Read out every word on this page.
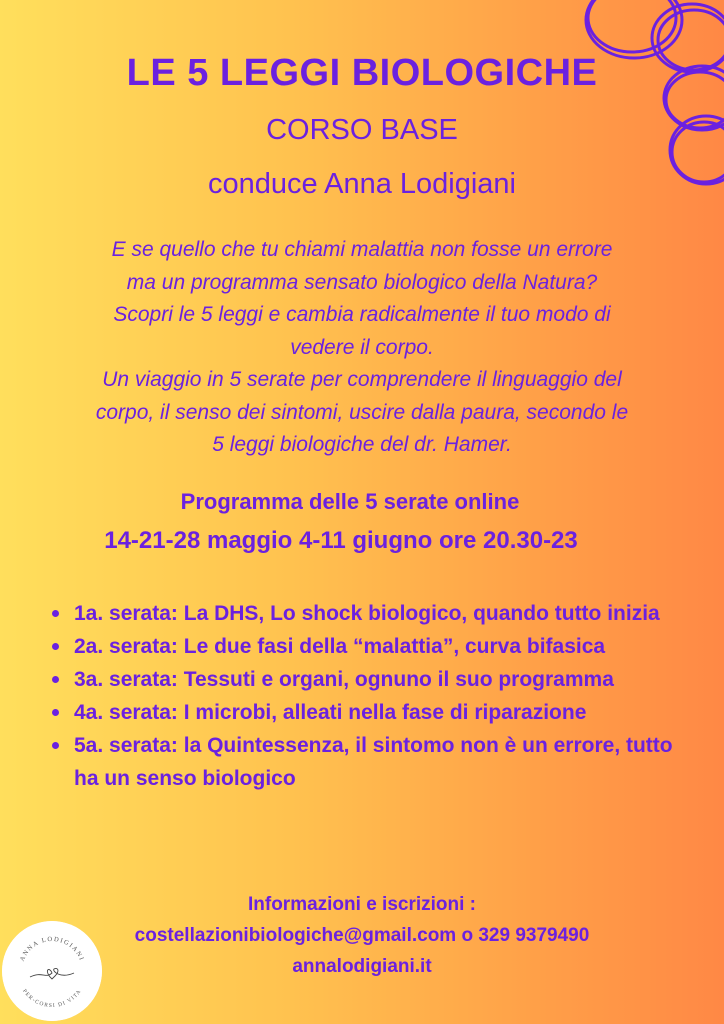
LE 5 LEGGI BIOLOGICHE
CORSO BASE
conduce Anna Lodigiani
E se quello che tu chiami malattia non fosse un errore
ma un programma sensato biologico della Natura?
Scopri le 5 leggi e cambia radicalmente il tuo modo di
vedere il corpo.
Un viaggio in 5 serate per comprendere il linguaggio del
corpo, il senso dei sintomi, uscire dalla paura, secondo le
5 leggi biologiche del dr. Hamer.
Programma delle 5 serate online
14-21-28 maggio 4-11 giugno ore 20.30-23
1a. serata: La DHS, Lo shock biologico, quando tutto inizia
2a. serata: Le due fasi della “malattia”, curva bifasica
3a. serata: Tessuti e organi, ognuno il suo programma
4a. serata: I microbi, alleati nella fase di riparazione
5a. serata: la Quintessenza, il sintomo non è un errore, tutto ha un senso biologico
Informazioni e iscrizioni :
costellazionibiologiche@gmail.com o 329 9379490
annalodigiani.it
ANNA LODIGIANI
PER-CORSI DI VITA
